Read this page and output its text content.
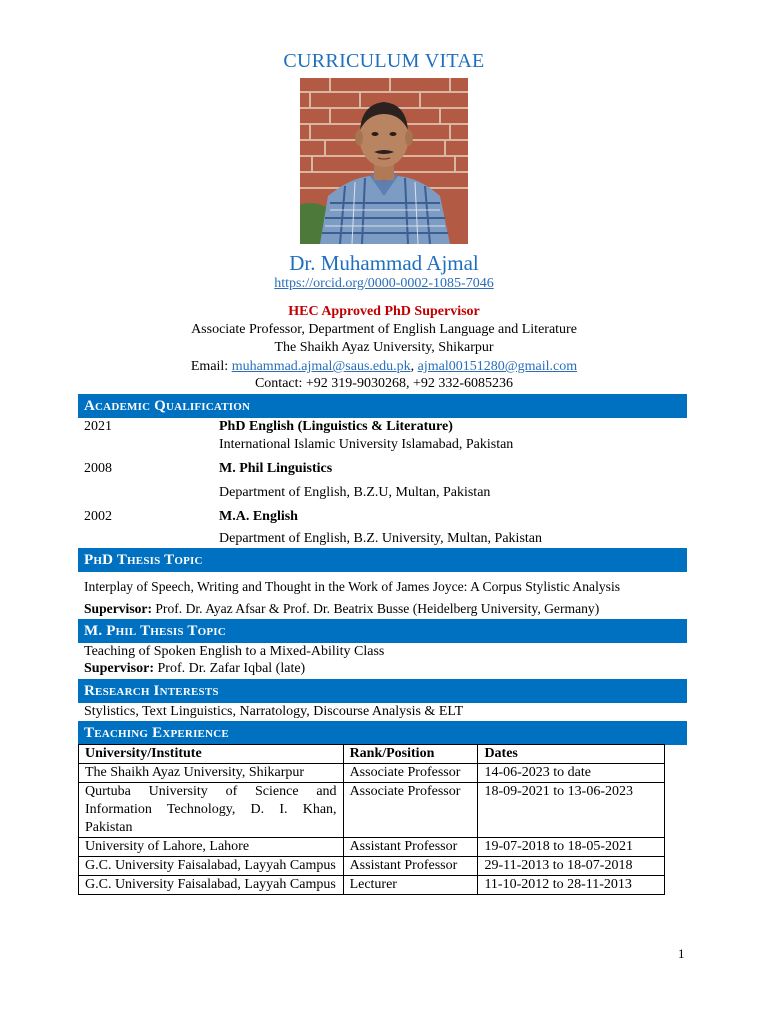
CURRICULUM VITAE
Dr. Muhammad Ajmal
https://orcid.org/0000-0002-1085-7046
HEC Approved PhD Supervisor
Associate Professor, Department of English Language and Literature
The Shaikh Ayaz University, Shikarpur
Email: muhammad.ajmal@saus.edu.pk, ajmal00151280@gmail.com
Contact: +92 319-9030268, +92 332-6085236
Academic Qualification
2021	PhD English (Linguistics & Literature)
International Islamic University Islamabad, Pakistan
2008	M. Phil Linguistics
Department of English, B.Z.U, Multan, Pakistan
2002	M.A. English
Department of English, B.Z. University, Multan, Pakistan
PhD Thesis Topic
Interplay of Speech, Writing and Thought in the Work of James Joyce: A Corpus Stylistic Analysis
Supervisor: Prof. Dr. Ayaz Afsar & Prof. Dr. Beatrix Busse (Heidelberg University, Germany)
M. Phil Thesis Topic
Teaching of Spoken English to a Mixed-Ability Class
Supervisor: Prof. Dr. Zafar Iqbal (late)
Research Interests
Stylistics, Text Linguistics, Narratology, Discourse Analysis & ELT
Teaching Experience
University/Institute	Rank/Position	Dates
The Shaikh Ayaz University, Shikarpur	Associate Professor	14-06-2023 to date
Qurtuba University of Science and Information Technology, D. I. Khan, Pakistan	Associate Professor	18-09-2021 to 13-06-2023
University of Lahore, Lahore	Assistant Professor	19-07-2018 to 18-05-2021
G.C. University Faisalabad, Layyah Campus	Assistant Professor	29-11-2013 to 18-07-2018
G.C. University Faisalabad, Layyah Campus	Lecturer	11-10-2012 to 28-11-2013
1
